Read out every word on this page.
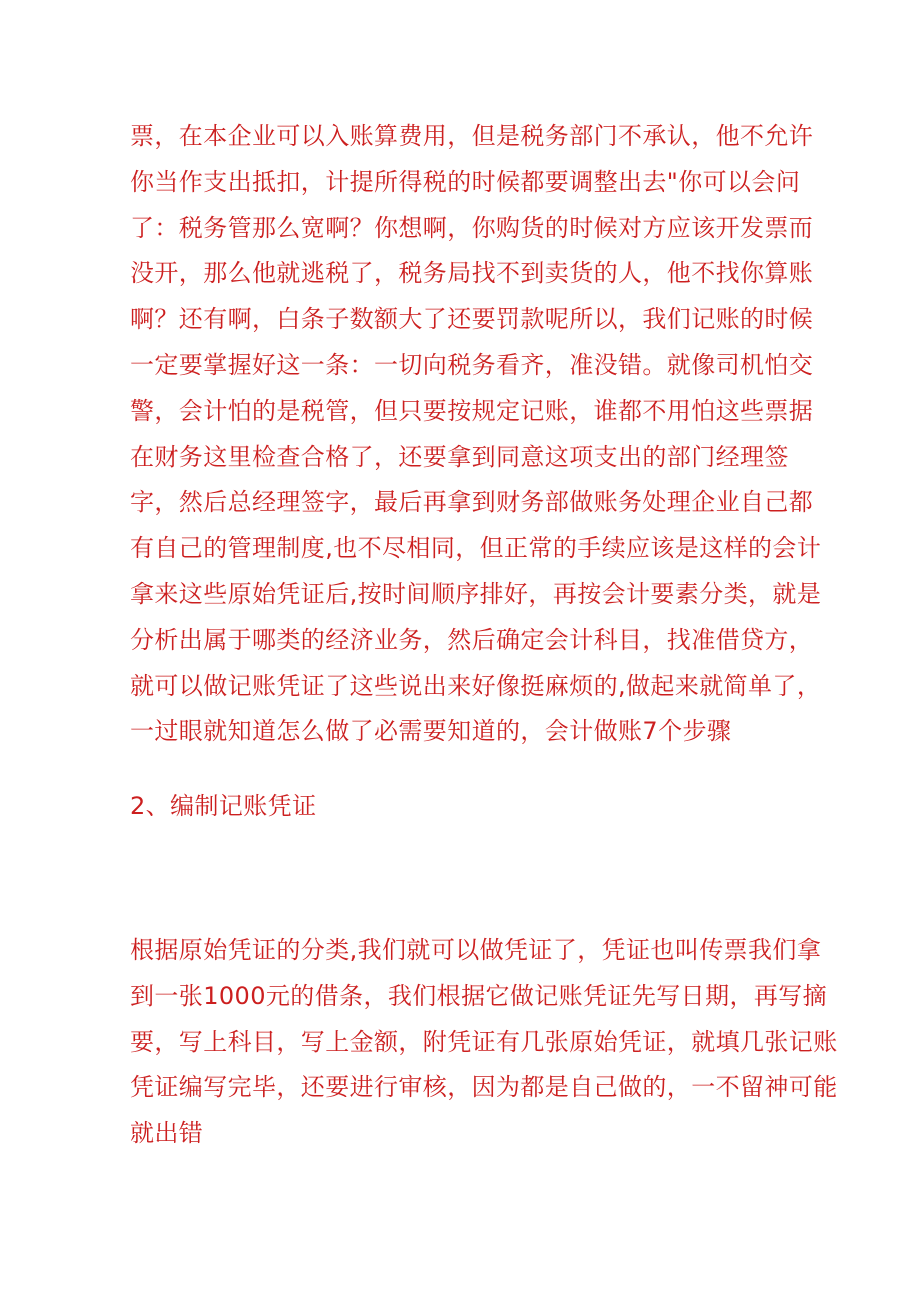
票，在本企业可以入账算费用，但是税务部门不承认，他不允许
你当作支出抵扣，计提所得税的时候都要调整出去"你可以会问
了：税务管那么宽啊？你想啊，你购货的时候对方应该开发票而
没开，那么他就逃税了，税务局找不到卖货的人，他不找你算账
啊？还有啊，白条子数额大了还要罚款呢所以，我们记账的时候
一定要掌握好这一条：一切向税务看齐，准没错。就像司机怕交
警，会计怕的是税管，但只要按规定记账，谁都不用怕这些票据
在财务这里检查合格了，还要拿到同意这项支出的部门经理签
字，然后总经理签字，最后再拿到财务部做账务处理企业自己都
有自己的管理制度,也不尽相同，但正常的手续应该是这样的会计
拿来这些原始凭证后,按时间顺序排好，再按会计要素分类，就是
分析出属于哪类的经济业务，然后确定会计科目，找准借贷方，
就可以做记账凭证了这些说出来好像挺麻烦的,做起来就简单了，
一过眼就知道怎么做了必需要知道的，会计做账7个步骤
2、编制记账凭证
根据原始凭证的分类,我们就可以做凭证了，凭证也叫传票我们拿
到一张1000元的借条，我们根据它做记账凭证先写日期，再写摘
要，写上科目，写上金额，附凭证有几张原始凭证，就填几张记账
凭证编写完毕，还要进行审核，因为都是自己做的，一不留神可能
就出错
